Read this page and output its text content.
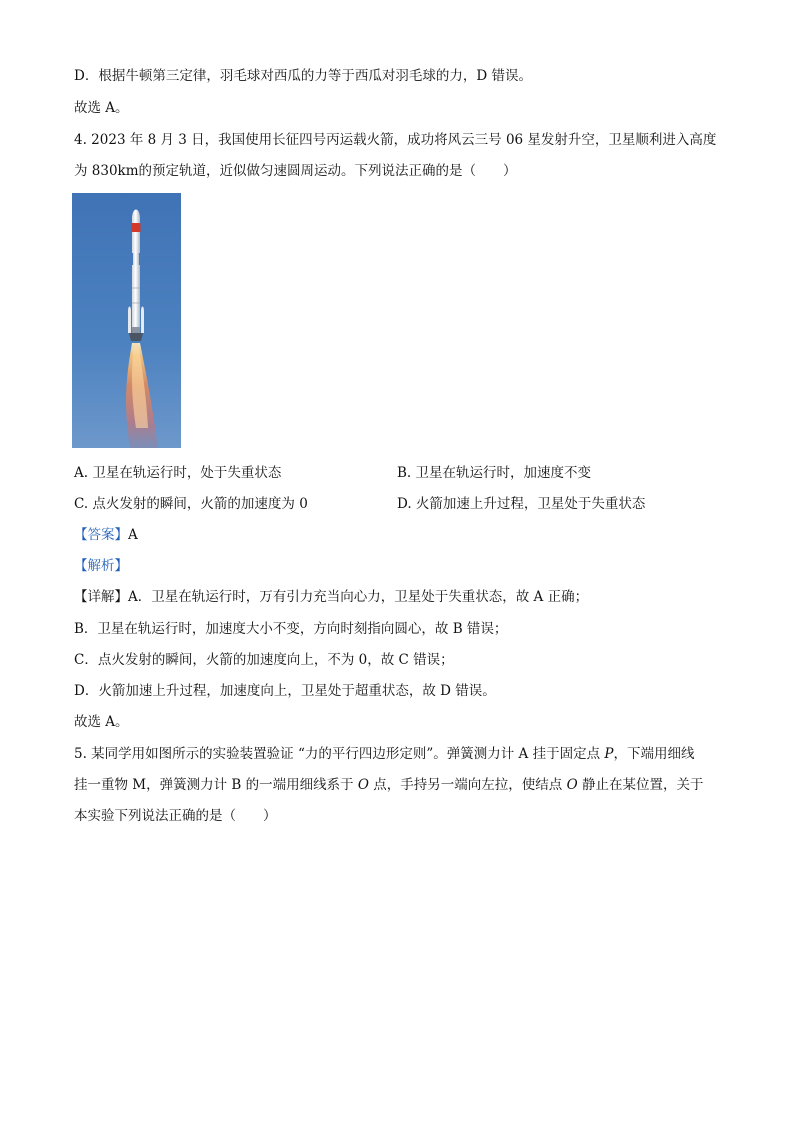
D．根据牛顿第三定律，羽毛球对西瓜的力等于西瓜对羽毛球的力，D 错误。
故选 A。
4. 2023 年 8 月 3 日，我国使用长征四号丙运载火箭，成功将风云三号 06 星发射升空，卫星顺利进入高度
为 830km的预定轨道，近似做匀速圆周运动。下列说法正确的是（　　）
A. 卫星在轨运行时，处于失重状态	B. 卫星在轨运行时，加速度不变
C. 点火发射的瞬间，火箭的加速度为 0	D. 火箭加速上升过程，卫星处于失重状态
【答案】A
【解析】
【详解】A．卫星在轨运行时，万有引力充当向心力，卫星处于失重状态，故 A 正确；
B．卫星在轨运行时，加速度大小不变，方向时刻指向圆心，故 B 错误；
C．点火发射的瞬间，火箭的加速度向上，不为 0，故 C 错误；
D．火箭加速上升过程，加速度向上，卫星处于超重状态，故 D 错误。
故选 A。
5. 某同学用如图所示的实验装置验证 “力的平行四边形定则”。弹簧测力计 A 挂于固定点 P，下端用细线
挂一重物 M，弹簧测力计 B 的一端用细线系于 O 点，手持另一端向左拉，使结点 O 静止在某位置，关于
本实验下列说法正确的是（　　）
